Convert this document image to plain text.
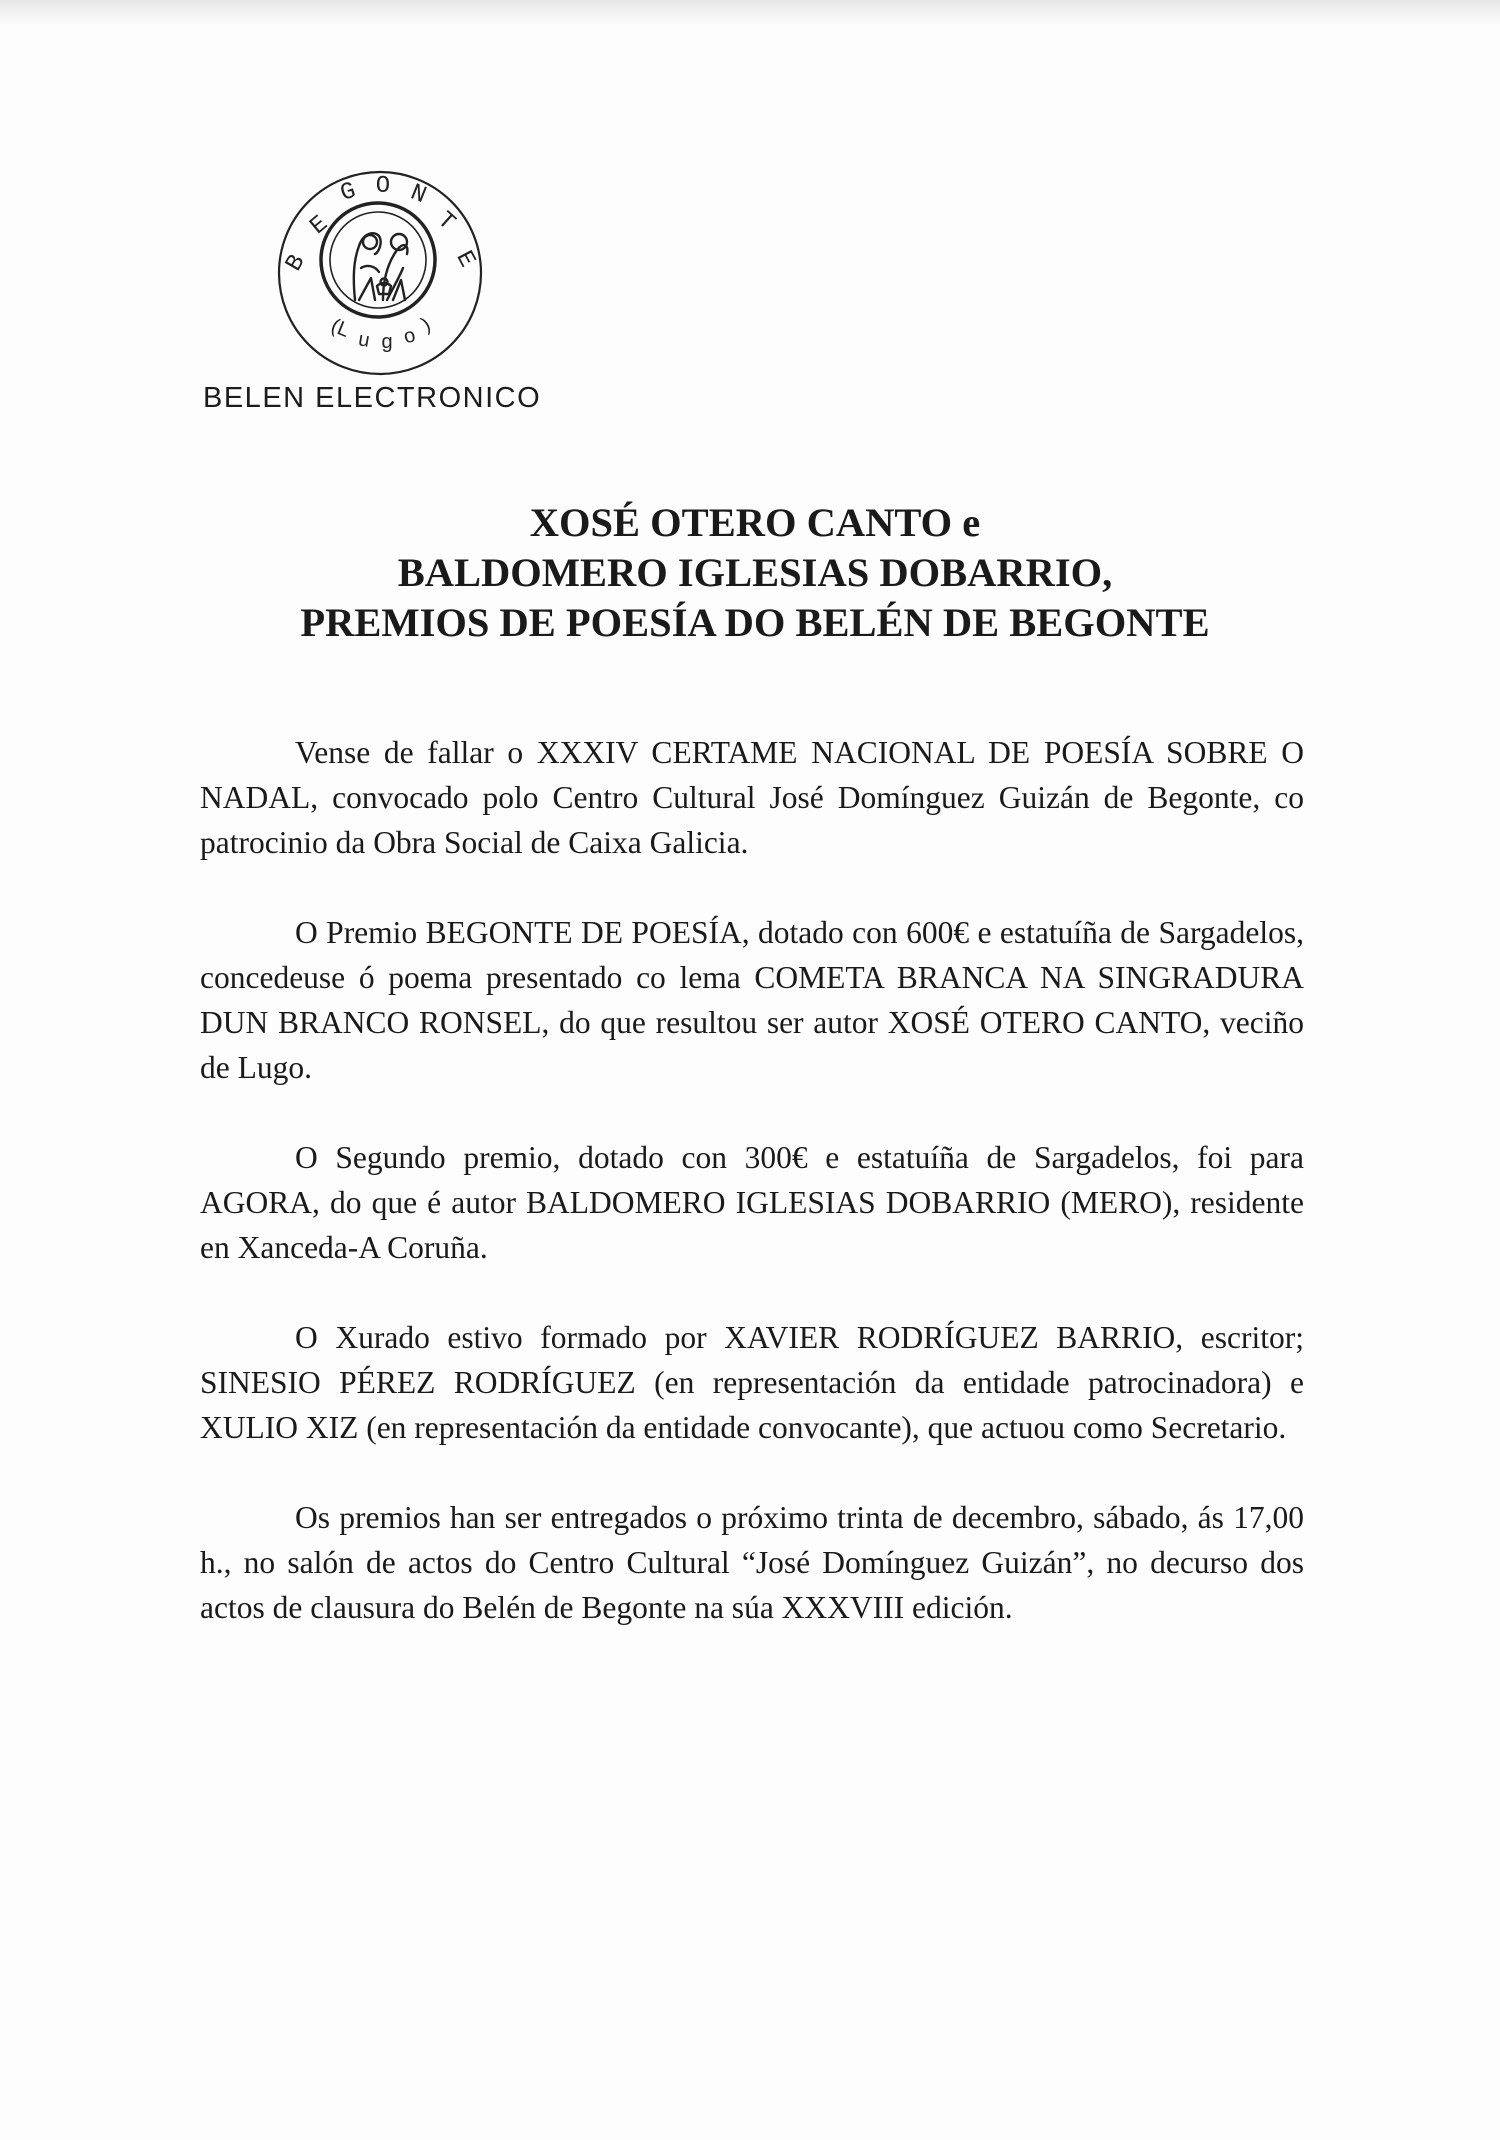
E
G O N
T
E
B
(L u g o )
BELEN ELECTRONICO
XOSÉ OTERO CANTO e
BALDOMERO IGLESIAS DOBARRIO,
PREMIOS DE POESÍA DO BELÉN DE BEGONTE

Vense de fallar o XXXIV CERTAME NACIONAL DE POESÍA SOBRE O NADAL, convocado polo Centro Cultural José Domínguez Guizán de Begonte, co patrocinio da Obra Social de Caixa Galicia.

O Premio BEGONTE DE POESÍA, dotado con 600€ e estatuíña de Sargadelos, concedeuse ó poema presentado co lema COMETA BRANCA NA SINGRADURA DUN BRANCO RONSEL, do que resultou ser autor XOSÉ OTERO CANTO, veciño de Lugo.

O Segundo premio, dotado con 300€ e estatuíña de Sargadelos, foi para AGORA, do que é autor BALDOMERO IGLESIAS DOBARRIO (MERO), residente en Xanceda-A Coruña.

O Xurado estivo formado por XAVIER RODRÍGUEZ BARRIO, escritor; SINESIO PÉREZ RODRÍGUEZ (en representación da entidade patrocinadora) e XULIO XIZ (en representación da entidade convocante), que actuou como Secretario.

Os premios han ser entregados o próximo trinta de decembro, sábado, ás 17,00 h., no salón de actos do Centro Cultural “José Domínguez Guizán”, no decurso dos actos de clausura do Belén de Begonte na súa XXXVIII edición.
